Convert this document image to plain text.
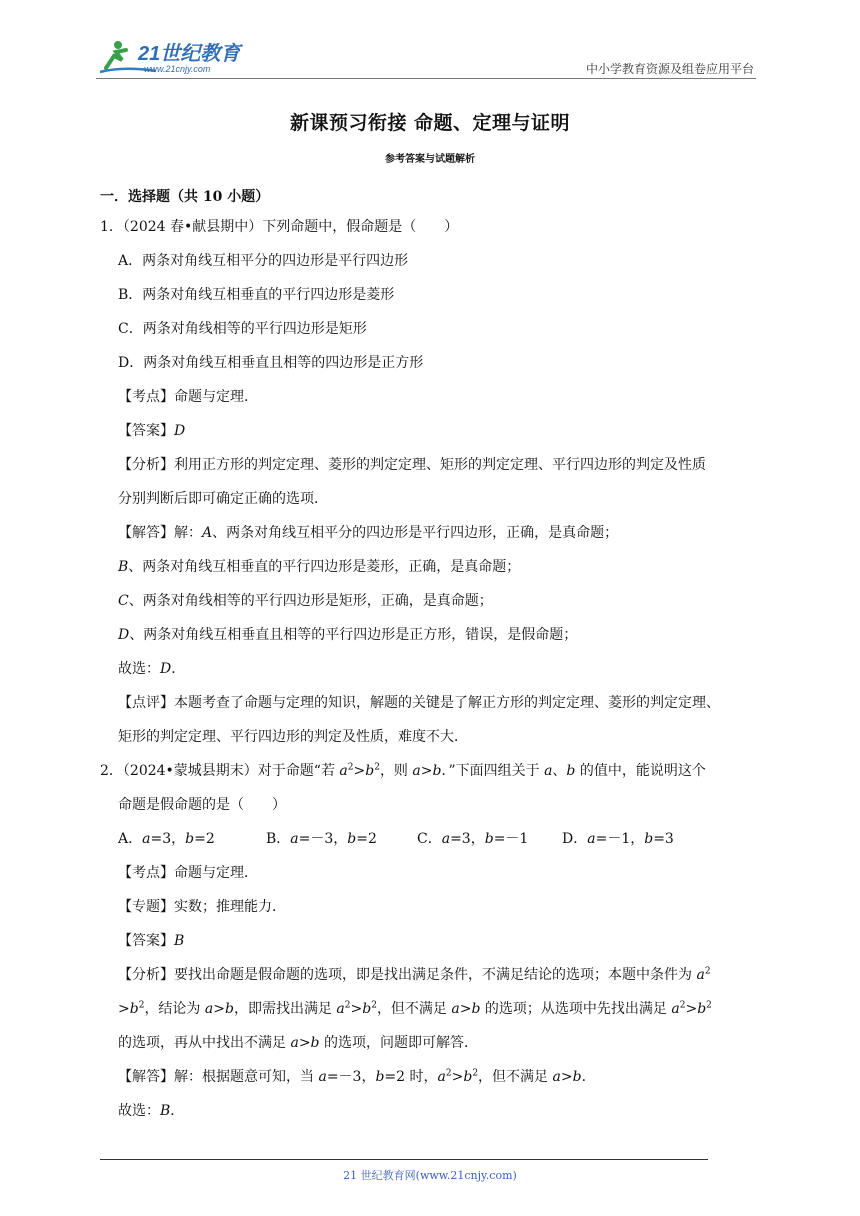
21世纪教育
www.21cnjy.com	中小学教育资源及组卷应用平台
新课预习衔接 命题、定理与证明
参考答案与试题解析
一．选择题（共 10 小题）
1．（2024 春•献县期中）下列命题中，假命题是（　　）
A．两条对角线互相平分的四边形是平行四边形
B．两条对角线互相垂直的平行四边形是菱形
C．两条对角线相等的平行四边形是矩形
D．两条对角线互相垂直且相等的四边形是正方形
【考点】命题与定理．
【答案】D
【分析】利用正方形的判定定理、菱形的判定定理、矩形的判定定理、平行四边形的判定及性质
分别判断后即可确定正确的选项．
【解答】解：A、两条对角线互相平分的四边形是平行四边形，正确，是真命题；
B、两条对角线互相垂直的平行四边形是菱形，正确，是真命题；
C、两条对角线相等的平行四边形是矩形，正确，是真命题；
D、两条对角线互相垂直且相等的平行四边形是正方形，错误，是假命题；
故选：D．
【点评】本题考查了命题与定理的知识，解题的关键是了解正方形的判定定理、菱形的判定定理、
矩形的判定定理、平行四边形的判定及性质，难度不大．
2．（2024•蒙城县期末）对于命题“若 $a^2>b^2$，则 a>b．”下面四组关于 a、b 的值中，能说明这个
命题是假命题的是（　　）
A．a=3，b=2	B．a=－3，b=2	C．a=3，b=－1 D．a=－1，b=3
【考点】命题与定理．
【专题】实数；推理能力．
【答案】B
【分析】要找出命题是假命题的选项，即是找出满足条件，不满足结论的选项；本题中条件为 $a^2$
$>b^2$，结论为 a>b，即需找出满足 $a^2>b^2$，但不满足 a>b 的选项；从选项中先找出满足 $a^2>b^2$
的选项，再从中找出不满足 a>b 的选项，问题即可解答．
【解答】解：根据题意可知，当 a=－3，b=2 时，$a^2>b^2$，但不满足 a>b．
故选：B．
21 世纪教育网(www.21cnjy.com)
